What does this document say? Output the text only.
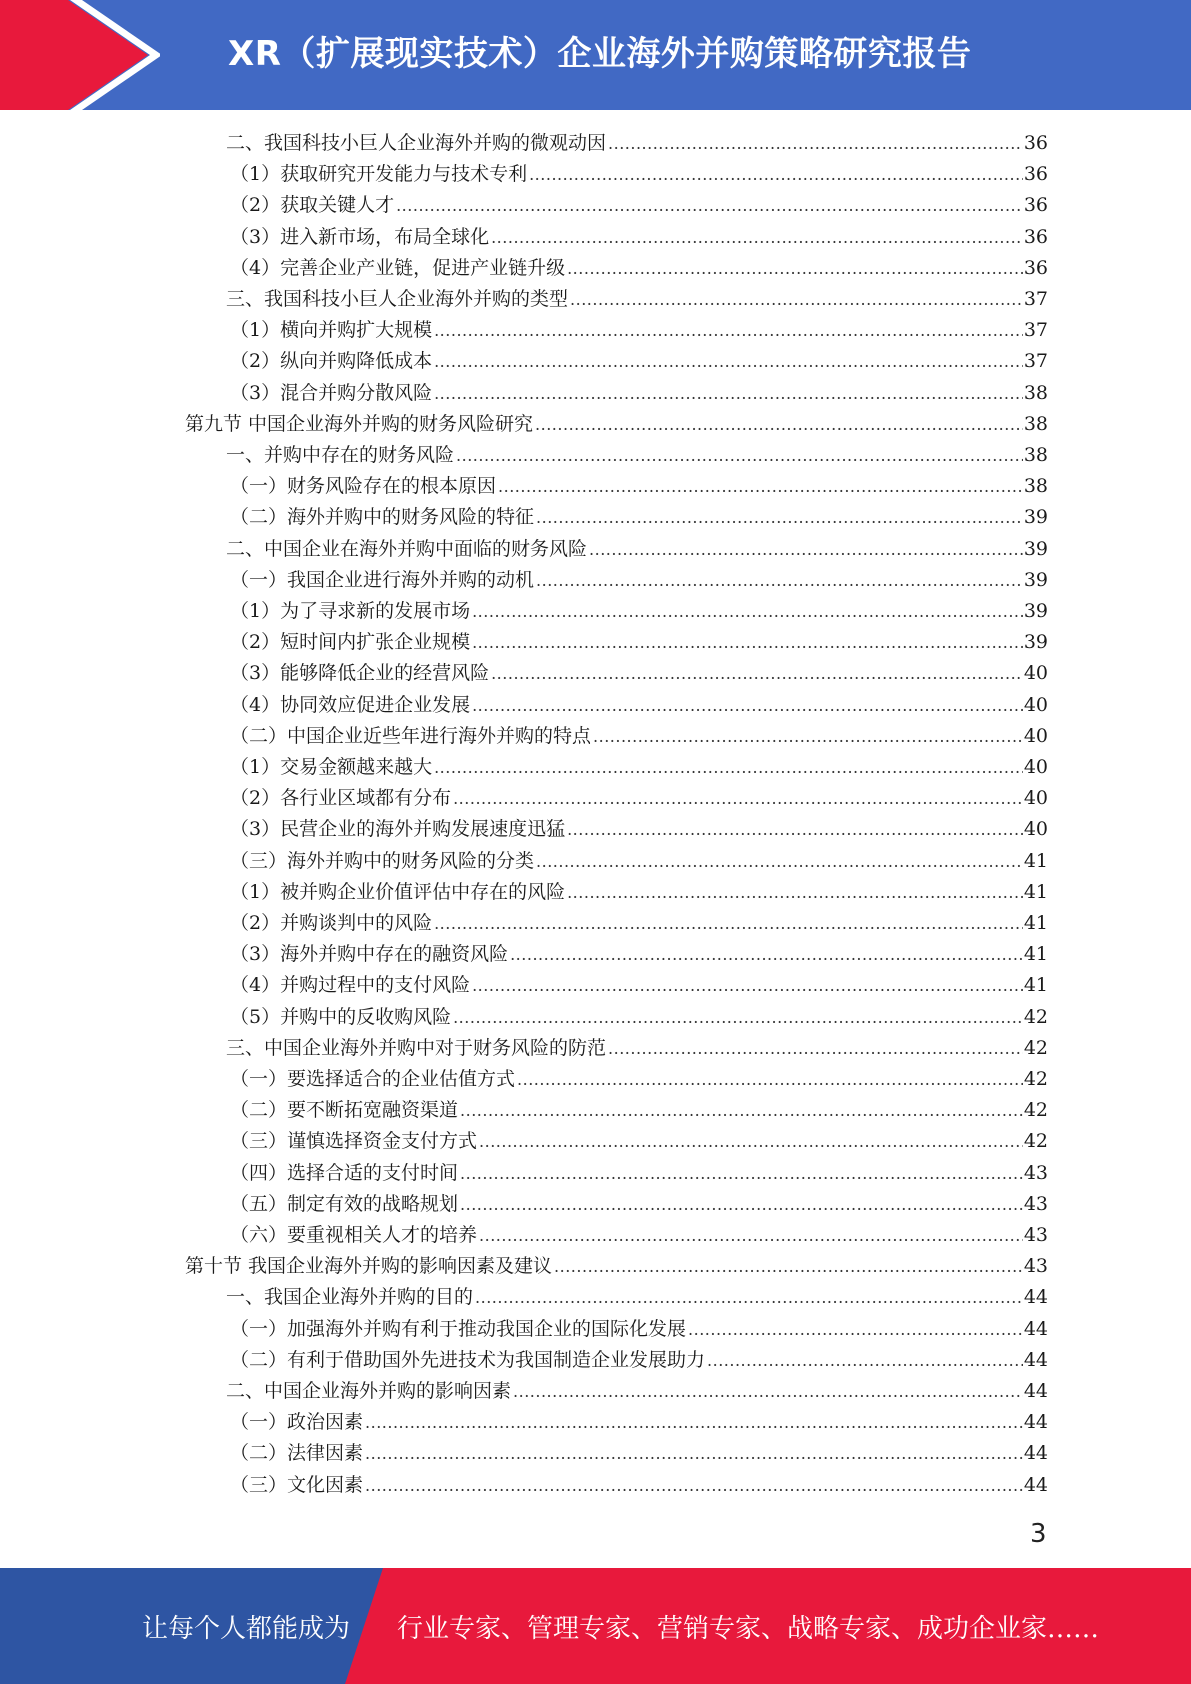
XR（扩展现实技术）企业海外并购策略研究报告
二、我国科技小巨人企业海外并购的微观动因 .....	36
（1）获取研究开发能力与技术专利 .....	36
（2）获取关键人才 .....	36
（3）进入新市场，布局全球化 .....	36
（4）完善企业产业链，促进产业链升级 .....	36
三、我国科技小巨人企业海外并购的类型 .....	37
（1）横向并购扩大规模 .....	37
（2）纵向并购降低成本 .....	37
（3）混合并购分散风险 .....	38
第九节 中国企业海外并购的财务风险研究 .....	38
一、并购中存在的财务风险 .....	38
（一）财务风险存在的根本原因 .....	38
（二）海外并购中的财务风险的特征 .....	39
二、中国企业在海外并购中面临的财务风险 .....	39
（一）我国企业进行海外并购的动机 .....	39
（1）为了寻求新的发展市场 .....	39
（2）短时间内扩张企业规模 .....	39
（3）能够降低企业的经营风险 .....	40
（4）协同效应促进企业发展 .....	40
（二）中国企业近些年进行海外并购的特点 .....	40
（1）交易金额越来越大 .....	40
（2）各行业区域都有分布 .....	40
（3）民营企业的海外并购发展速度迅猛 .....	40
（三）海外并购中的财务风险的分类 .....	41
（1）被并购企业价值评估中存在的风险 .....	41
（2）并购谈判中的风险 .....	41
（3）海外并购中存在的融资风险 .....	41
（4）并购过程中的支付风险 .....	41
（5）并购中的反收购风险 .....	42
三、中国企业海外并购中对于财务风险的防范 .....	42
（一）要选择适合的企业估值方式 .....	42
（二）要不断拓宽融资渠道 .....	42
（三）谨慎选择资金支付方式 .....	42
（四）选择合适的支付时间 .....	43
（五）制定有效的战略规划 .....	43
（六）要重视相关人才的培养 .....	43
第十节 我国企业海外并购的影响因素及建议 .....	43
一、我国企业海外并购的目的 .....	44
（一）加强海外并购有利于推动我国企业的国际化发展 .....	44
（二）有利于借助国外先进技术为我国制造企业发展助力 .....	44
二、中国企业海外并购的影响因素 .....	44
（一）政治因素 .....	44
（二）法律因素 .....	44
（三）文化因素 .....	44
3
让每个人都能成为 行业专家、管理专家、营销专家、战略专家、成功企业家……
